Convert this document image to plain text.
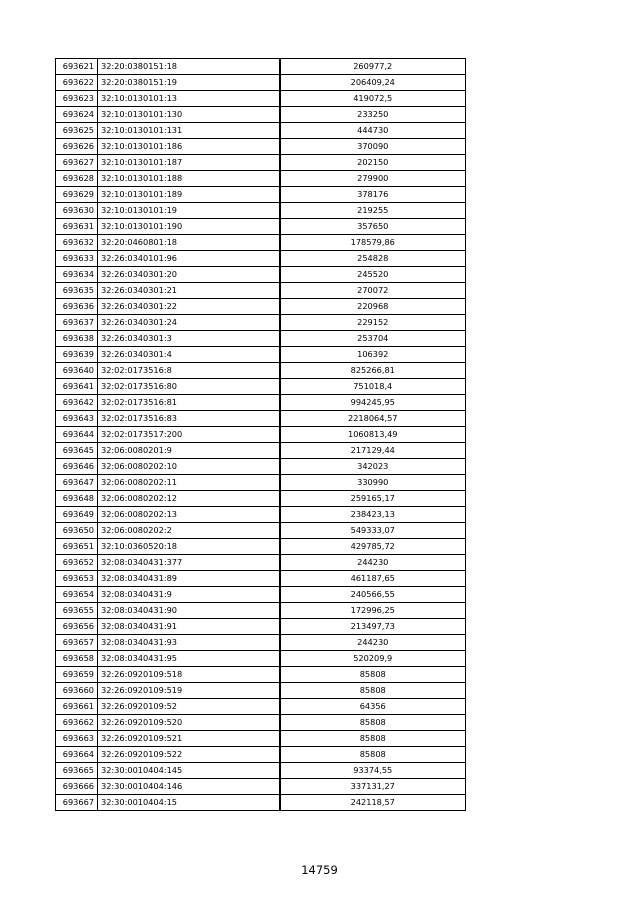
693621	32:20:0380151:18	260977,2
693622	32:20:0380151:19	206409,24
693623	32:10:0130101:13	419072,5
693624	32:10:0130101:130	233250
693625	32:10:0130101:131	444730
693626	32:10:0130101:186	370090
693627	32:10:0130101:187	202150
693628	32:10:0130101:188	279900
693629	32:10:0130101:189	378176
693630	32:10:0130101:19	219255
693631	32:10:0130101:190	357650
693632	32:20:0460801:18	178579,86
693633	32:26:0340101:96	254828
693634	32:26:0340301:20	245520
693635	32:26:0340301:21	270072
693636	32:26:0340301:22	220968
693637	32:26:0340301:24	229152
693638	32:26:0340301:3	253704
693639	32:26:0340301:4	106392
693640	32:02:0173516:8	825266,81
693641	32:02:0173516:80	751018,4
693642	32:02:0173516:81	994245,95
693643	32:02:0173516:83	2218064,57
693644	32:02:0173517:200	1060813,49
693645	32:06:0080201:9	217129,44
693646	32:06:0080202:10	342023
693647	32:06:0080202:11	330990
693648	32:06:0080202:12	259165,17
693649	32:06:0080202:13	238423,13
693650	32:06:0080202:2	549333,07
693651	32:10:0360520:18	429785,72
693652	32:08:0340431:377	244230
693653	32:08:0340431:89	461187,65
693654	32:08:0340431:9	240566,55
693655	32:08:0340431:90	172996,25
693656	32:08:0340431:91	213497,73
693657	32:08:0340431:93	244230
693658	32:08:0340431:95	520209,9
693659	32:26:0920109:518	85808
693660	32:26:0920109:519	85808
693661	32:26:0920109:52	64356
693662	32:26:0920109:520	85808
693663	32:26:0920109:521	85808
693664	32:26:0920109:522	85808
693665	32:30:0010404:145	93374,55
693666	32:30:0010404:146	337131,27
693667	32:30:0010404:15	242118,57
14759
